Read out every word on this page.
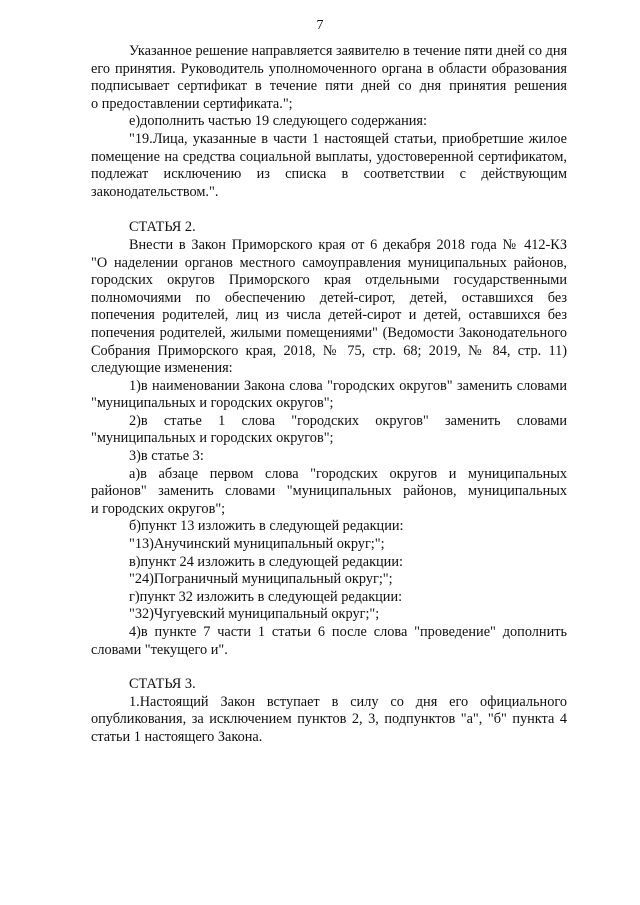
7
Указанное решение направляется заявителю в течение пяти дней со дня
его принятия. Руководитель уполномоченного органа в области образования
подписывает сертификат в течение пяти дней со дня принятия решения
о предоставлении сертификата.";
е)дополнить частью 19 следующего содержания:
"19.Лица, указанные в части 1 настоящей статьи, приобретшие жилое
помещение на средства социальной выплаты, удостоверенной сертификатом,
подлежат исключению из списка в соответствии с действующим
законодательством.".
СТАТЬЯ 2.
Внести в Закон Приморского края от 6 декабря 2018 года № 412-КЗ
"О наделении органов местного самоуправления муниципальных районов,
городских округов Приморского края отдельными государственными
полномочиями по обеспечению детей-сирот, детей, оставшихся без
попечения родителей, лиц из числа детей-сирот и детей, оставшихся без
попечения родителей, жилыми помещениями" (Ведомости Законодательного
Собрания Приморского края, 2018, № 75, стр. 68; 2019, № 84, стр. 11)
следующие изменения:
1)в наименовании Закона слова "городских округов" заменить словами
"муниципальных и городских округов";
2)в статье 1 слова "городских округов" заменить словами
"муниципальных и городских округов";
3)в статье 3:
а)в абзаце первом слова "городских округов и муниципальных
районов" заменить словами "муниципальных районов, муниципальных
и городских округов";
б)пункт 13 изложить в следующей редакции:
"13)Анучинский муниципальный округ;";
в)пункт 24 изложить в следующей редакции:
"24)Пограничный муниципальный округ;";
г)пункт 32 изложить в следующей редакции:
"32)Чугуевский муниципальный округ;";
4)в пункте 7 части 1 статьи 6 после слова "проведение" дополнить
словами "текущего и".
СТАТЬЯ 3.
1.Настоящий Закон вступает в силу со дня его официального
опубликования, за исключением пунктов 2, 3, подпунктов "а", "б" пункта 4
статьи 1 настоящего Закона.
